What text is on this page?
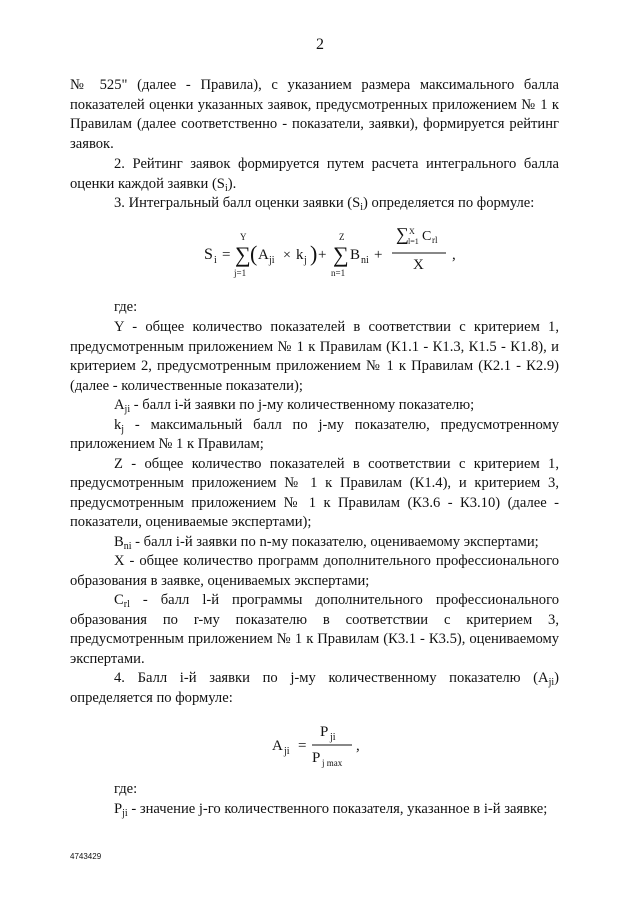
2

№ 525" (далее - Правила), с указанием размера максимального балла показателей оценки указанных заявок, предусмотренных приложением № 1 к Правилам (далее соответственно - показатели, заявки), формируется рейтинг заявок.

2. Рейтинг заявок формируется путем расчета интегрального балла оценки каждой заявки $(S_i)$.

3. Интегральный балл оценки заявки $(S_i)$ определяется по формуле:

S i =
Y
∑
j=1
( A ji × k j ) +
Z
∑
n=1
B ni +
∑ X
l=1 C rl
X
,

где:

Y - общее количество показателей в соответствии с критерием 1, предусмотренным приложением № 1 к Правилам (К1.1 - К1.3, К1.5 - К1.8), и критерием 2, предусмотренным приложением № 1 к Правилам (К2.1 - К2.9) (далее - количественные показатели);

$A_{ji}$ - балл i-й заявки по j-му количественному показателю;

$k_j$ - максимальный балл по j-му показателю, предусмотренному приложением № 1 к Правилам;

Z - общее количество показателей в соответствии с критерием 1, предусмотренным приложением № 1 к Правилам (К1.4), и критерием 3, предусмотренным приложением № 1 к Правилам (К3.6 - К3.10) (далее - показатели, оцениваемые экспертами);

$B_{ni}$ - балл i-й заявки по n-му показателю, оцениваемому экспертами;

X - общее количество программ дополнительного профессионального образования в заявке, оцениваемых экспертами;

$C_{rl}$ - балл l-й программы дополнительного профессионального образования по r-му показателю в соответствии с критерием 3, предусмотренным приложением № 1 к Правилам (К3.1 - К3.5), оцениваемому экспертами.

4. Балл i-й заявки по j-му количественному показателю $(A_{ji})$ определяется по формуле:

A ji =
P ji
P j max
,

где:

$P_{ji}$ - значение j-го количественного показателя, указанное в i-й заявке;

4743429
